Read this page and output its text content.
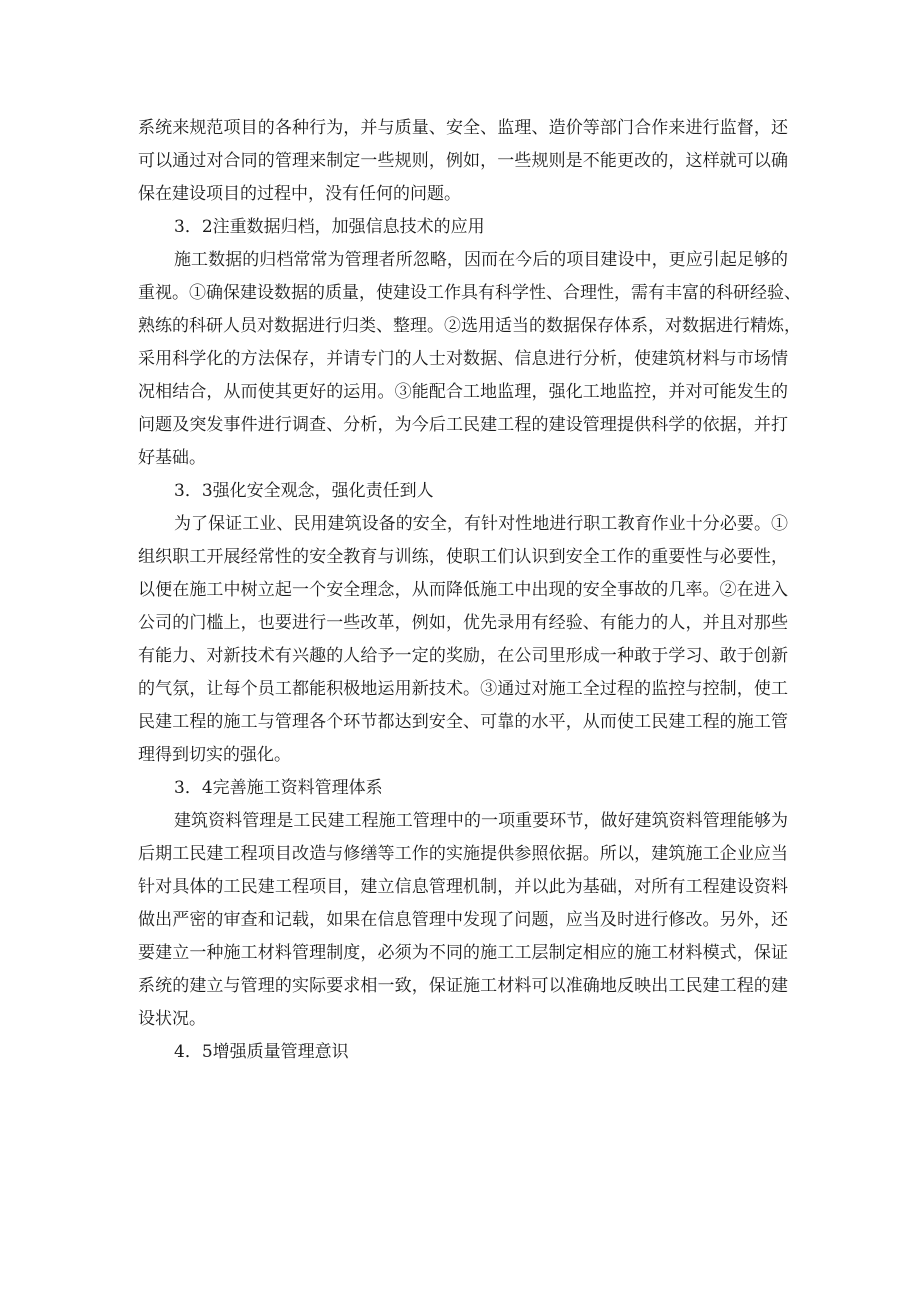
系统来规范项目的各种行为，并与质量、安全、监理、造价等部门合作来进行监督，还
可以通过对合同的管理来制定一些规则，例如，一些规则是不能更改的，这样就可以确
保在建设项目的过程中，没有任何的问题。
3．2注重数据归档，加强信息技术的应用
施工数据的归档常常为管理者所忽略，因而在今后的项目建设中，更应引起足够的
重视。①确保建设数据的质量，使建设工作具有科学性、合理性，需有丰富的科研经验、
熟练的科研人员对数据进行归类、整理。②选用适当的数据保存体系，对数据进行精炼，
采用科学化的方法保存，并请专门的人士对数据、信息进行分析，使建筑材料与市场情
况相结合，从而使其更好的运用。③能配合工地监理，强化工地监控，并对可能发生的
问题及突发事件进行调查、分析，为今后工民建工程的建设管理提供科学的依据，并打
好基础。
3．3强化安全观念，强化责任到人
为了保证工业、民用建筑设备的安全，有针对性地进行职工教育作业十分必要。①
组织职工开展经常性的安全教育与训练，使职工们认识到安全工作的重要性与必要性，
以便在施工中树立起一个安全理念，从而降低施工中出现的安全事故的几率。②在进入
公司的门槛上，也要进行一些改革，例如，优先录用有经验、有能力的人，并且对那些
有能力、对新技术有兴趣的人给予一定的奖励，在公司里形成一种敢于学习、敢于创新
的气氛，让每个员工都能积极地运用新技术。③通过对施工全过程的监控与控制，使工
民建工程的施工与管理各个环节都达到安全、可靠的水平，从而使工民建工程的施工管
理得到切实的强化。
3．4完善施工资料管理体系
建筑资料管理是工民建工程施工管理中的一项重要环节，做好建筑资料管理能够为
后期工民建工程项目改造与修缮等工作的实施提供参照依据。所以，建筑施工企业应当
针对具体的工民建工程项目，建立信息管理机制，并以此为基础，对所有工程建设资料
做出严密的审查和记载，如果在信息管理中发现了问题，应当及时进行修改。另外，还
要建立一种施工材料管理制度，必须为不同的施工工层制定相应的施工材料模式，保证
系统的建立与管理的实际要求相一致，保证施工材料可以准确地反映出工民建工程的建
设状况。
4．5增强质量管理意识
